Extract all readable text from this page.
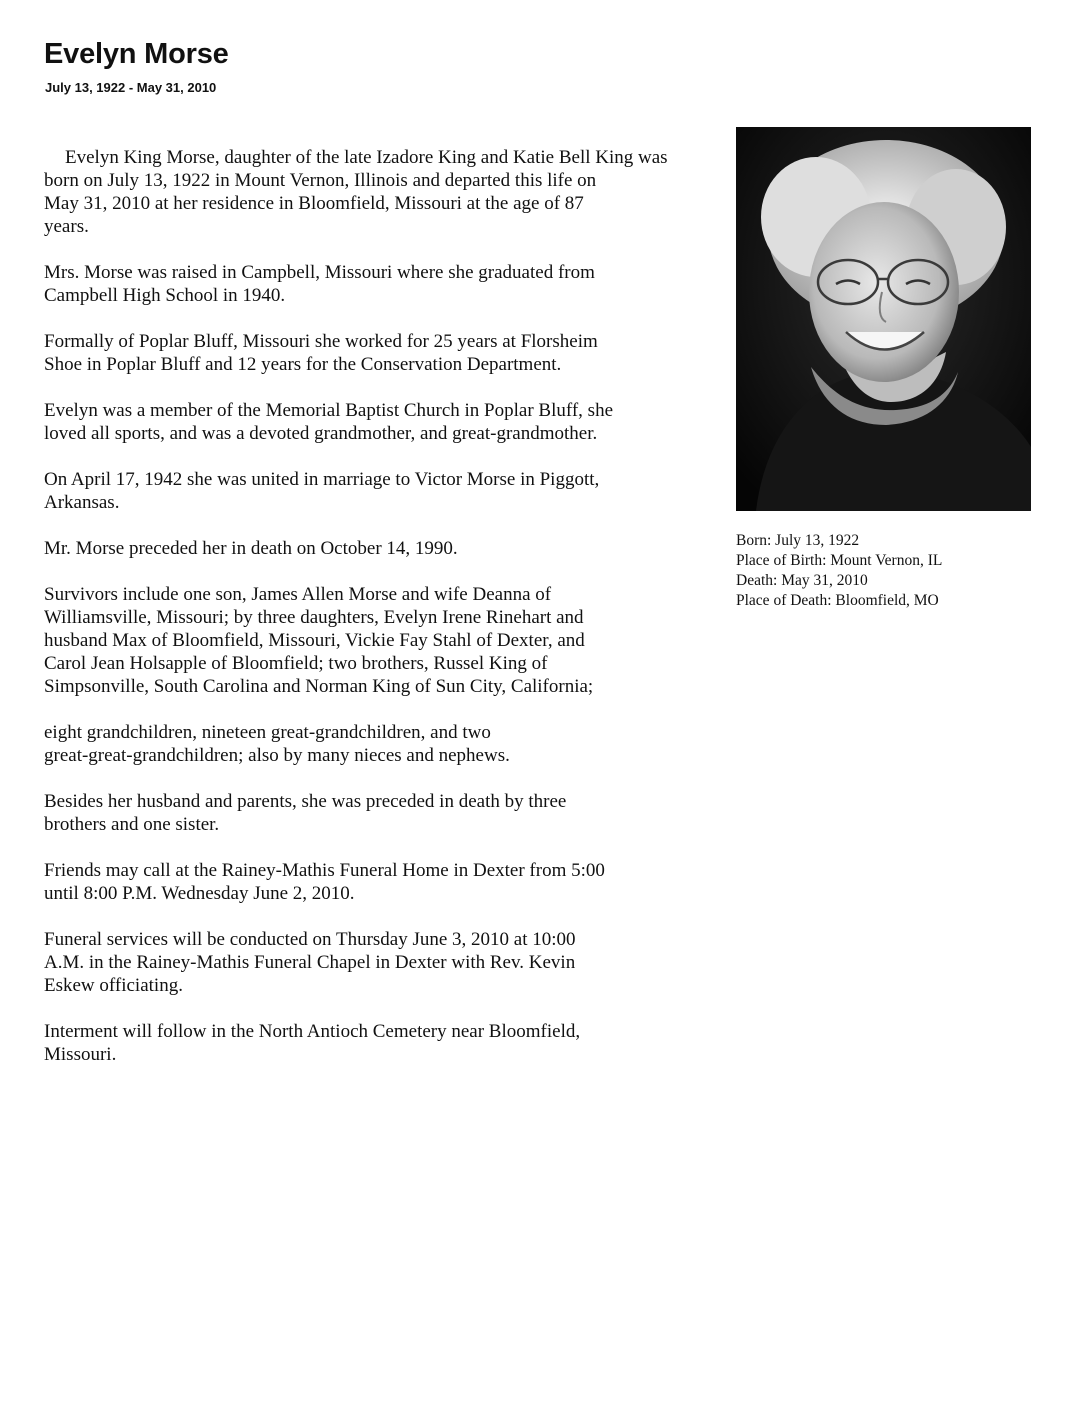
Evelyn Morse
July 13, 1922 - May 31, 2010

Evelyn King Morse, daughter of the late Izadore King and Katie Bell King was
born on July 13, 1922 in Mount Vernon, Illinois and departed this life on
May 31, 2010 at her residence in Bloomfield, Missouri at the age of 87
years.

Mrs. Morse was raised in Campbell, Missouri where she graduated from
Campbell High School in 1940.

Formally of Poplar Bluff, Missouri she worked for 25 years at Florsheim
Shoe in Poplar Bluff and 12 years for the Conservation Department.

Evelyn was a member of the Memorial Baptist Church in Poplar Bluff, she
loved all sports, and was a devoted grandmother, and great-grandmother.

On April 17, 1942 she was united in marriage to Victor Morse in Piggott,
Arkansas.

Mr. Morse preceded her in death on October 14, 1990.

Survivors include one son, James Allen Morse and wife Deanna of
Williamsville, Missouri; by three daughters, Evelyn Irene Rinehart and
husband Max of Bloomfield, Missouri, Vickie Fay Stahl of Dexter, and
Carol Jean Holsapple of Bloomfield; two brothers, Russel King of
Simpsonville, South Carolina and Norman King of Sun City, California;

eight grandchildren, nineteen great-grandchildren, and two
great-great-grandchildren; also by many nieces and nephews.

Besides her husband and parents, she was preceded in death by three
brothers and one sister.

Friends may call at the Rainey-Mathis Funeral Home in Dexter from 5:00
until 8:00 P.M. Wednesday June 2, 2010.

Funeral services will be conducted on Thursday June 3, 2010 at 10:00
A.M. in the Rainey-Mathis Funeral Chapel in Dexter with Rev. Kevin
Eskew officiating.

Interment will follow in the North Antioch Cemetery near Bloomfield,
Missouri.

Born: July 13, 1922
Place of Birth: Mount Vernon, IL
Death: May 31, 2010
Place of Death: Bloomfield, MO
